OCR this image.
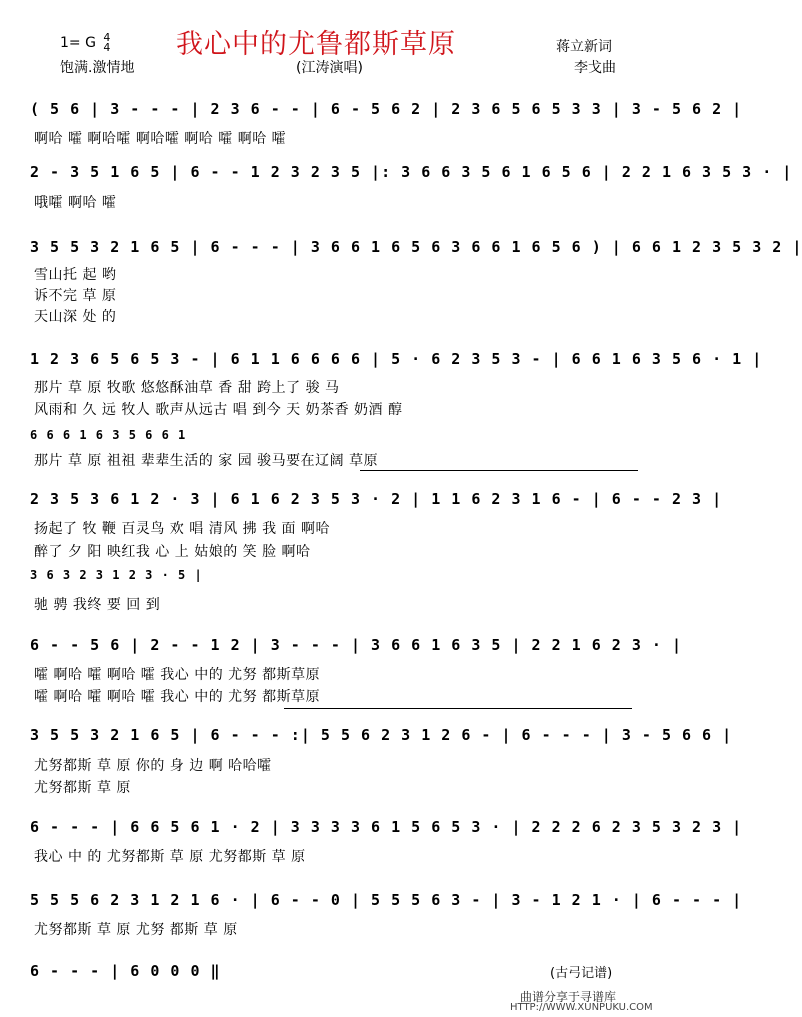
我心中的尤鲁都斯草原
1= G 4
4	蒋立新词
李戈曲
饱满.激情地	(江涛演唱)
( 5 6 | 3 - - - | 2 3 6 - - | 6 - 5 6 2 | 2 3 6 5 6 5 3 3 | 3 - 5 6 2 |
啊哈 嚯 啊哈嚯 啊哈嚯 啊哈 嚯 啊哈 嚯
2 - 3 5 1 6 5 | 6 - - 1 2 3 2 3 5 |: 3 6 6 3 5 6 1 6 5 6 | 2 2 1 6 3 5 3 · |
哦嚯 啊哈 嚯
3 5 5 3 2 1 6 5 | 6 - - - | 3 6 6 1 6 5 6 3 6 6 1 6 5 6 ) | 6 6 1 2 3 5 3 2 |
雪山托 起 哟
诉不完 草 原
天山深 处 的
1 2 3 6 5 6 5 3 - | 6 1 1 6 6 6 6 | 5 · 6 2 3 5 3 - | 6 6 1 6 3 5 6 · 1 |
那片 草 原 牧歌 悠悠酥油草 香 甜 跨上了 骏 马
风雨和 久 远 牧人 歌声从远古 唱 到今 天 奶茶香 奶酒 醇
6 6 6 1 6 3 5 6 6 1
那片 草 原 祖祖 辈辈生活的 家 园 骏马要在辽阔 草原
2 3 5 3 6 1 2 · 3 | 6 1 6 2 3 5 3 · 2 | 1 1 6 2 3 1 6 - | 6 - - 2 3 |
扬起了 牧 鞭 百灵鸟 欢 唱 清风 拂 我 面 啊哈
醉了 夕 阳 映红我 心 上 姑娘的 笑 脸 啊哈
3 6 3 2 3 1 2 3 · 5 |
驰 骋 我终 要 回 到
6 - - 5 6 | 2 - - 1 2 | 3 - - - | 3 6 6 1 6 3 5 | 2 2 1 6 2 3 · |
嚯 啊哈 嚯 啊哈 嚯 我心 中的 尤努 都斯草原
嚯 啊哈 嚯 啊哈 嚯 我心 中的 尤努 都斯草原
3 5 5 3 2 1 6 5 | 6 - - - :| 5 5 6 2 3 1 2 6 - | 6 - - - | 3 - 5 6 6 |
尤努都斯 草 原 你的 身 边 啊 哈哈嚯
尤努都斯 草 原
6 - - - | 6 6 5 6 1 · 2 | 3 3 3 3 6 1 5 6 5 3 · | 2 2 2 6 2 3 5 3 2 3 |
我心 中 的 尤努都斯 草 原 尤努都斯 草 原
5 5 5 6 2 3 1 2 1 6 · | 6 - - 0 | 5 5 5 6 3 - | 3 - 1 2 1 · | 6 - - - |
尤努都斯 草 原 尤努 都斯 草 原
6 - - - | 6 0 0 0 ‖	(古弓记谱)
曲谱分享于寻谱库
HTTP://WWW.XUNPUKU.COM
